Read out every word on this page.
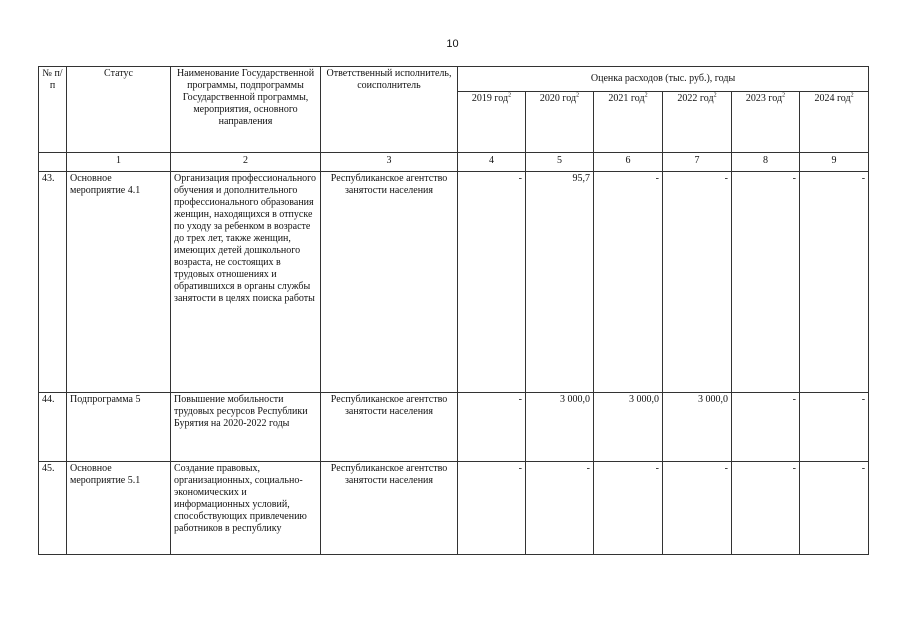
10
№ п/п	Статус	Наименование Государственной программы, подпрограммы Государственной программы, мероприятия, основного направления	Ответственный исполнитель, соисполнитель	Оценка расходов (тыс. руб.), годы					
				2019 год$^2$	2020 год$^2$	2021 год$^2$	2022 год$^2$	2023 год$^2$	2024 год$^2$
	1	2	3	4	5	6	7	8	9
43.	Основное мероприятие 4.1	Организация профессионального обучения и дополнительного профессионального образования женщин, находящихся в отпуске по уходу за ребенком в возрасте до трех лет, также женщин, имеющих детей дошкольного возраста, не состоящих в трудовых отношениях и обратившихся в органы службы занятости в целях поиска работы	Республиканское агентство занятости населения	-	95,7	-	-	-	-
44.	Подпрограмма 5	Повышение мобильности трудовых ресурсов Республики Бурятия на 2020-2022 годы	Республиканское агентство занятости населения	-	3 000,0	3 000,0	3 000,0	-	-
45.	Основное мероприятие 5.1	Создание правовых, организационных, социально-экономических и информационных условий, способствующих привлечению работников в республику	Республиканское агентство занятости населения	-	-	-	-	-	-
